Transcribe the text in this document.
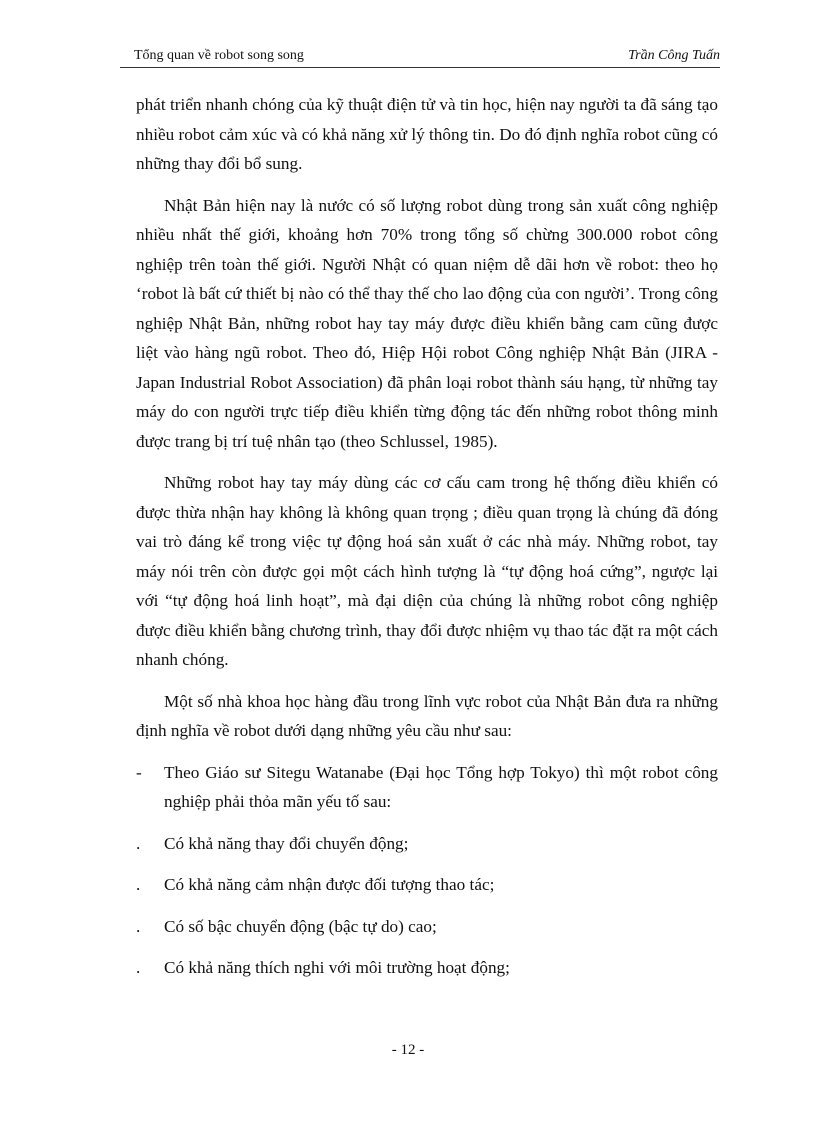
Tổng quan về robot song song	Trần Công Tuấn

phát triển nhanh chóng của kỹ thuật điện tử và tin học, hiện nay người ta đã sáng tạo nhiều robot cảm xúc và có khả năng xử lý thông tin. Do đó định nghĩa robot cũng có những thay đổi bổ sung.

Nhật Bản hiện nay là nước có số lượng robot dùng trong sản xuất công nghiệp nhiều nhất thế giới, khoảng hơn 70% trong tổng số chừng 300.000 robot công nghiệp trên toàn thế giới. Người Nhật có quan niệm dễ dãi hơn về robot: theo họ ‘robot là bất cứ thiết bị nào có thể thay thế cho lao động của con người’. Trong công nghiệp Nhật Bản, những robot hay tay máy được điều khiển bằng cam cũng được liệt vào hàng ngũ robot. Theo đó, Hiệp Hội robot Công nghiệp Nhật Bản (JIRA - Japan Industrial Robot Association) đã phân loại robot thành sáu hạng, từ những tay máy do con người trực tiếp điều khiển từng động tác đến những robot thông minh được trang bị trí tuệ nhân tạo (theo Schlussel, 1985).

Những robot hay tay máy dùng các cơ cấu cam trong hệ thống điều khiển có được thừa nhận hay không là không quan trọng ; điều quan trọng là chúng đã đóng vai trò đáng kể trong việc tự động hoá sản xuất ở các nhà máy. Những robot, tay máy nói trên còn được gọi một cách hình tượng là “tự động hoá cứng”, ngược lại với “tự động hoá linh hoạt”, mà đại diện của chúng là những robot công nghiệp được điều khiển bằng chương trình, thay đổi được nhiệm vụ thao tác đặt ra một cách nhanh chóng.

Một số nhà khoa học hàng đầu trong lĩnh vực robot của Nhật Bản đưa ra những định nghĩa về robot dưới dạng những yêu cầu như sau:

-	Theo Giáo sư Sitegu Watanabe (Đại học Tổng hợp Tokyo) thì một robot công nghiệp phải thỏa mãn yếu tố sau:
.	Có khả năng thay đổi chuyển động;
.	Có khả năng cảm nhận được đối tượng thao tác;
.	Có số bậc chuyển động (bậc tự do) cao;
.	Có khả năng thích nghi với môi trường hoạt động;
- 12 -
